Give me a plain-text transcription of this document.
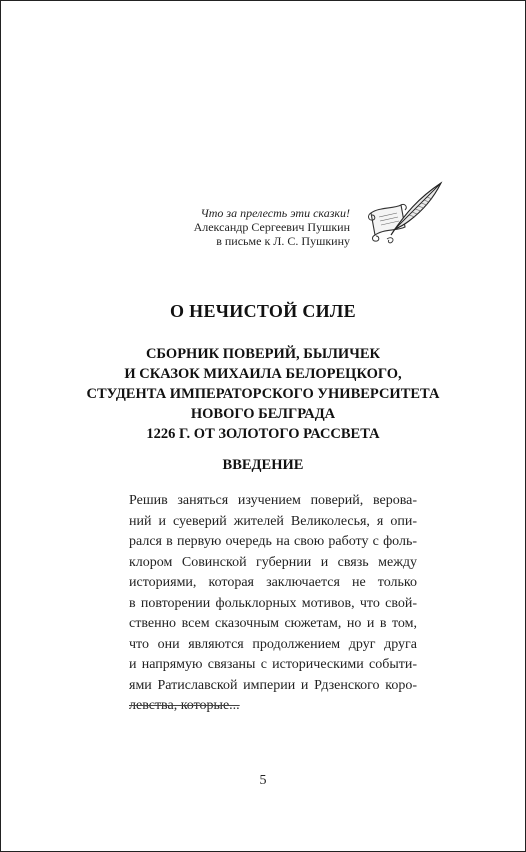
Что за прелесть эти сказки!
Александр Сергеевич Пушкин
в письме к Л. С. Пушкину
О НЕЧИСТОЙ СИЛЕ
СБОРНИК ПОВЕРИЙ, БЫЛИЧЕК
И СКАЗОК МИХАИЛА БЕЛОРЕЦКОГО,
СТУДЕНТА ИМПЕРАТОРСКОГО УНИВЕРСИТЕТА
НОВОГО БЕЛГРАДА
1226 Г. ОТ ЗОЛОТОГО РАССВЕТА
ВВЕДЕНИЕ
Решив заняться изучением поверий, верова-
ний и суеверий жителей Великолесья, я опи-
рался в первую очередь на свою работу с фоль-
клором Совинской губернии и связь между
историями, которая заключается не только
в повторении фольклорных мотивов, что свой-
ственно всем сказочным сюжетам, но и в том,
что они являются продолжением друг друга
и напрямую связаны с историческими событи-
ями Ратиславской империи и Рдзенского коро-
левства, которые...
5
